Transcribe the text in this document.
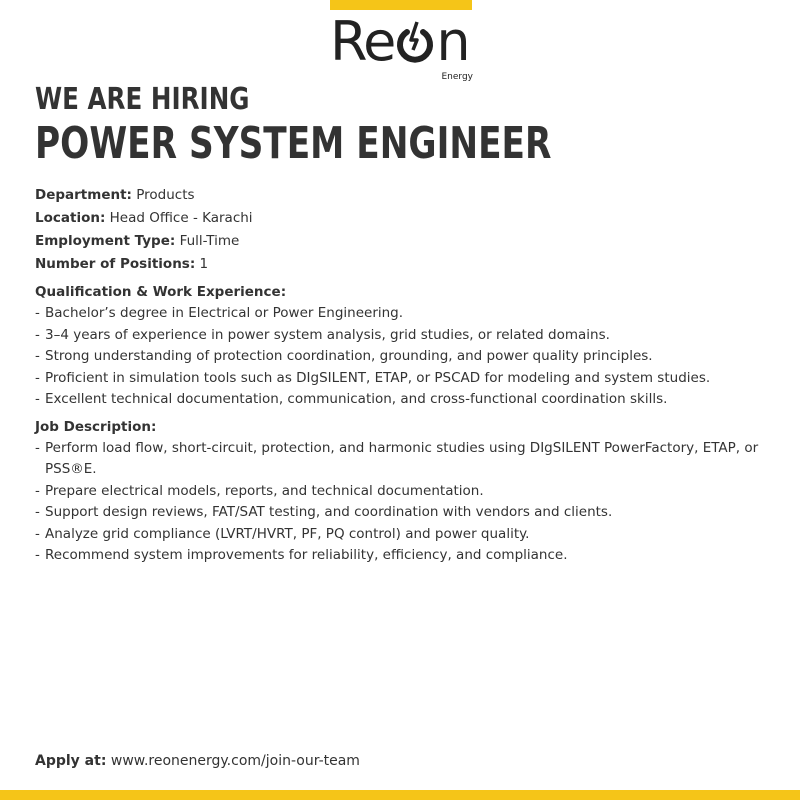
Re n
Energy
WE ARE HIRING
POWER SYSTEM ENGINEER
Department: Products
Location: Head Office - Karachi
Employment Type: Full-Time
Number of Positions: 1
Qualification & Work Experience:
- Bachelor’s degree in Electrical or Power Engineering.
- 3–4 years of experience in power system analysis, grid studies, or related domains.
- Strong understanding of protection coordination, grounding, and power quality principles.
- Proficient in simulation tools such as DIgSILENT, ETAP, or PSCAD for modeling and system studies.
- Excellent technical documentation, communication, and cross-functional coordination skills.
Job Description:
- Perform load flow, short-circuit, protection, and harmonic studies using DIgSILENT PowerFactory, ETAP, or PSS®E.
- Prepare electrical models, reports, and technical documentation.
- Support design reviews, FAT/SAT testing, and coordination with vendors and clients.
- Analyze grid compliance (LVRT/HVRT, PF, PQ control) and power quality.
- Recommend system improvements for reliability, efficiency, and compliance.
Apply at: www.reonenergy.com/join-our-team
